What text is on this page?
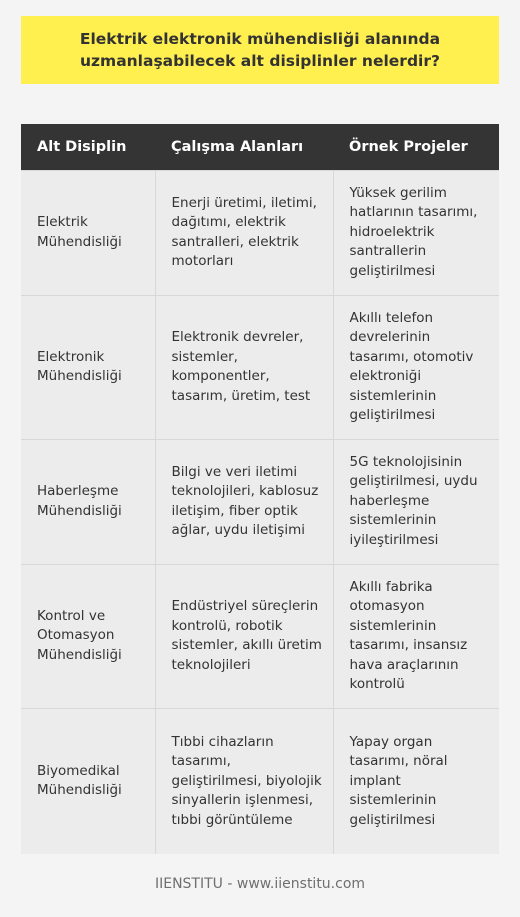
Elektrik elektronik mühendisliği alanında
uzmanlaşabilecek alt disiplinler nelerdir?
Alt Disiplin	Çalışma Alanları	Örnek Projeler
Elektrik Mühendisliği	Enerji üretimi, iletimi, dağıtımı, elektrik santralleri, elektrik motorları	Yüksek gerilim hatlarının tasarımı, hidroelektrik santrallerin geliştirilmesi
Elektronik Mühendisliği	Elektronik devreler, sistemler, komponentler, tasarım, üretim, test	Akıllı telefon devrelerinin tasarımı, otomotiv elektroniği sistemlerinin geliştirilmesi
Haberleşme Mühendisliği	Bilgi ve veri iletimi teknolojileri, kablosuz iletişim, fiber optik ağlar, uydu iletişimi	5G teknolojisinin geliştirilmesi, uydu haberleşme sistemlerinin iyileştirilmesi
Kontrol ve Otomasyon Mühendisliği	Endüstriyel süreçlerin kontrolü, robotik sistemler, akıllı üretim teknolojileri	Akıllı fabrika otomasyon sistemlerinin tasarımı, insansız hava araçlarının kontrolü
Biyomedikal Mühendisliği	Tıbbi cihazların tasarımı, geliştirilmesi, biyolojik sinyallerin işlenmesi, tıbbi görüntüleme	Yapay organ tasarımı, nöral implant sistemlerinin geliştirilmesi
IIENSTITU - www.iienstitu.com
